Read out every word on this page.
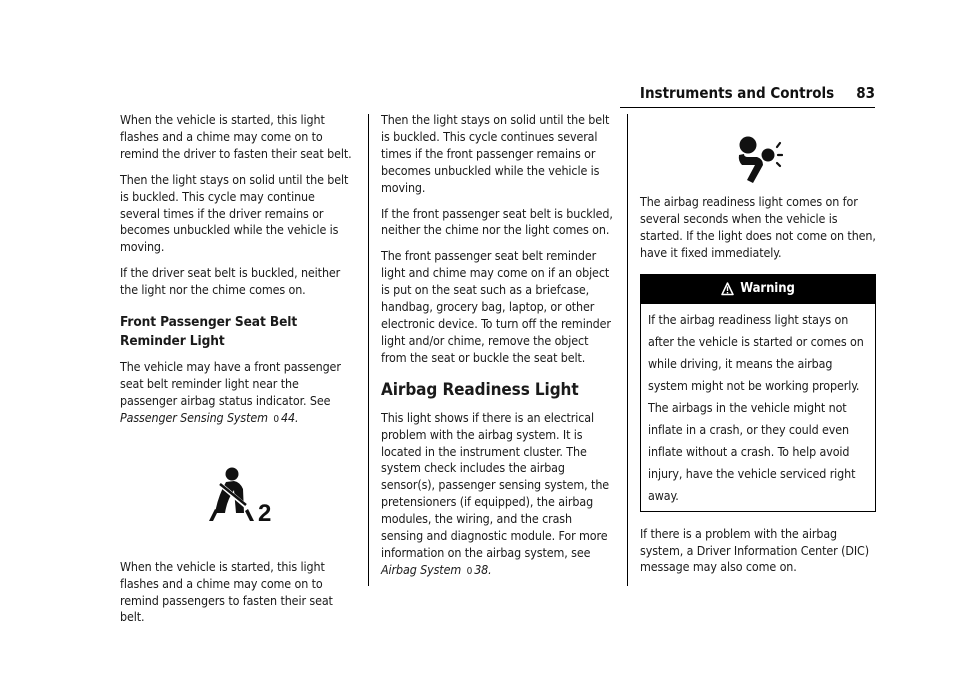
Instruments and Controls 83

When the vehicle is started, this light flashes and a chime may come on to remind the driver to fasten their seat belt.

Then the light stays on solid until the belt is buckled. This cycle may continue several times if the driver remains or becomes unbuckled while the vehicle is moving.

If the driver seat belt is buckled, neither the light nor the chime comes on.

Front Passenger Seat Belt Reminder Light

The vehicle may have a front passenger seat belt reminder light near the passenger airbag status indicator. See Passenger Sensing System 0 44.

2

When the vehicle is started, this light flashes and a chime may come on to remind passengers to fasten their seat belt.

Then the light stays on solid until the belt is buckled. This cycle continues several times if the front passenger remains or becomes unbuckled while the vehicle is moving.

If the front passenger seat belt is buckled, neither the chime nor the light comes on.

The front passenger seat belt reminder light and chime may come on if an object is put on the seat such as a briefcase, handbag, grocery bag, laptop, or other electronic device. To turn off the reminder light and/or chime, remove the object from the seat or buckle the seat belt.

Airbag Readiness Light

This light shows if there is an electrical problem with the airbag system. It is located in the instrument cluster. The system check includes the airbag sensor(s), passenger sensing system, the pretensioners (if equipped), the airbag modules, the wiring, and the crash sensing and diagnostic module. For more information on the airbag system, see Airbag System 0 38.

The airbag readiness light comes on for several seconds when the vehicle is started. If the light does not come on then, have it fixed immediately.

Warning
If the airbag readiness light stays on after the vehicle is started or comes on while driving, it means the airbag system might not be working properly. The airbags in the vehicle might not inflate in a crash, or they could even inflate without a crash. To help avoid injury, have the vehicle serviced right away.

If there is a problem with the airbag system, a Driver Information Center (DIC) message may also come on.
